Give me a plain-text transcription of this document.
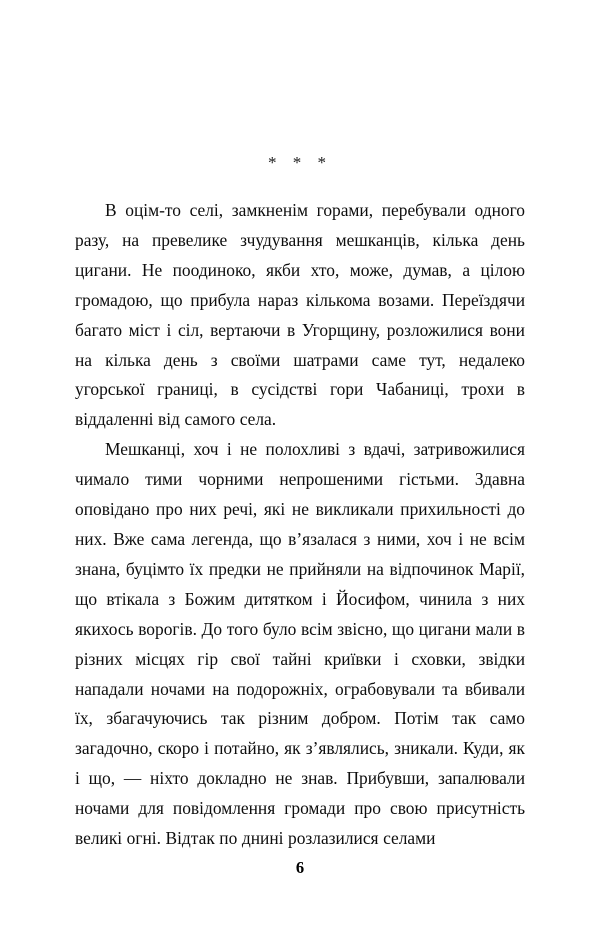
* * *

В оцім-то селі, замкненім горами, перебували одного разу, на превелике зчудування мешканців, кілька день цигани. Не поодиноко, якби хто, може, думав, а цілою громадою, що прибула нараз кількома возами. Переїздячи багато міст і сіл, вертаючи в Угорщину, розложилися вони на кілька день з своїми шатрами саме тут, недалеко угорської границі, в сусідстві гори Чабаниці, трохи в віддаленні від самого села.

Мешканці, хоч і не полохливі з вдачі, затривожилися чимало тими чорними непрошеними гістьми. Здавна оповідано про них речі, які не викликали прихильності до них. Вже сама легенда, що в’язалася з ними, хоч і не всім знана, буцімто їх предки не прийняли на відпочинок Марії, що втікала з Божим дитятком і Йосифом, чинила з них якихось ворогів. До того було всім звісно, що цигани мали в різних місцях гір свої тайні криївки і сховки, звідки нападали ночами на подорожніх, ограбовували та вбивали їх, збагачуючись так різним добром. Потім так само загадочно, скоро і потайно, як з’являлись, зникали. Куди, як і що, — ніхто докладно не знав. Прибувши, запалювали ночами для повідомлення громади про свою присутність великі огні. Відтак по днині розлазилися селами

6
